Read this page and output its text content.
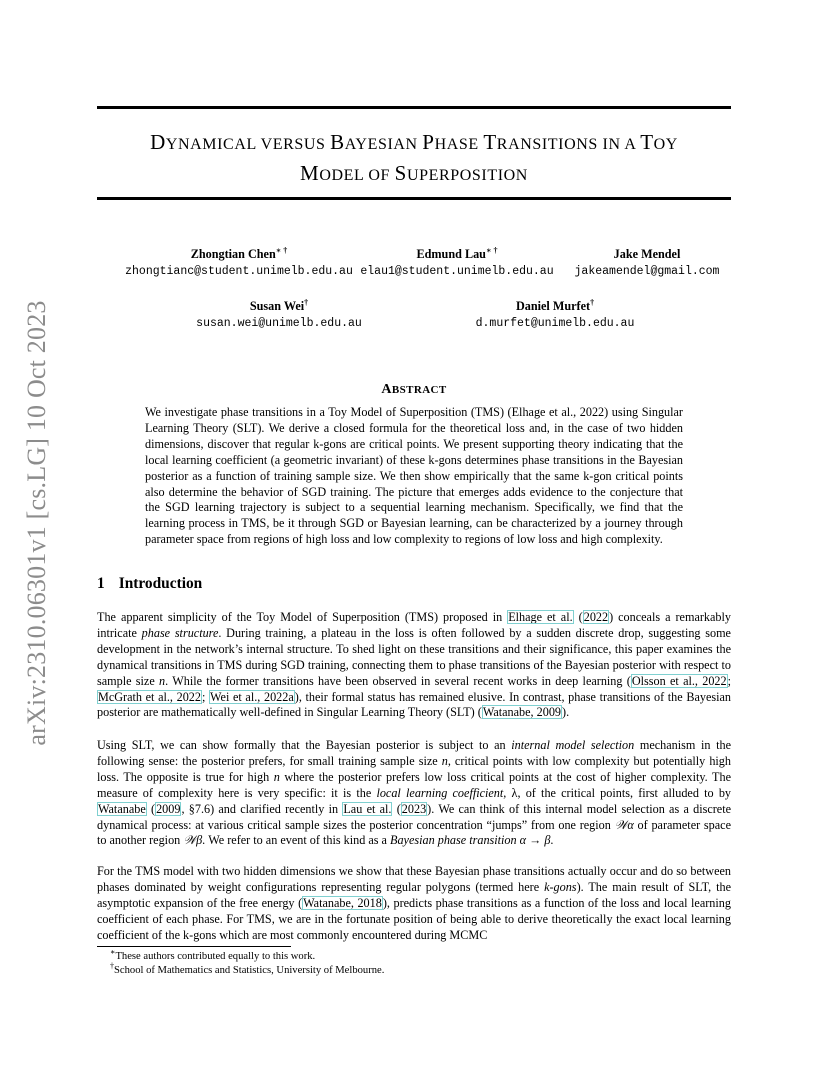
arXiv:2310.06301v1 [cs.LG] 10 Oct 2023
DYNAMICAL VERSUS BAYESIAN PHASE TRANSITIONS IN A TOY
MODEL OF SUPERPOSITION
Zhongtian Chen∗ †
zhongtianc@student.unimelb.edu.au
Edmund Lau∗ †
elau1@student.unimelb.edu.au
Jake Mendel
jakeamendel@gmail.com
Susan Wei†
susan.wei@unimelb.edu.au
Daniel Murfet†
d.murfet@unimelb.edu.au
ABSTRACT
We investigate phase transitions in a Toy Model of Superposition (TMS) (Elhage et al., 2022) using Singular Learning Theory (SLT). We derive a closed formula for the theoretical loss and, in the case of two hidden dimensions, discover that regular k-gons are critical points. We present supporting theory indicating that the local learning coefficient (a geometric invariant) of these k-gons determines phase transitions in the Bayesian posterior as a function of training sample size. We then show empirically that the same k-gon critical points also determine the behavior of SGD training. The picture that emerges adds evidence to the conjecture that the SGD learning trajectory is subject to a sequential learning mechanism. Specifically, we find that the learning process in TMS, be it through SGD or Bayesian learning, can be characterized by a journey through parameter space from regions of high loss and low complexity to regions of low loss and high complexity.
1 Introduction

The apparent simplicity of the Toy Model of Superposition (TMS) proposed in Elhage et al. (2022) conceals a remarkably intricate phase structure. During training, a plateau in the loss is often followed by a sudden discrete drop, suggesting some development in the network’s internal structure. To shed light on these transitions and their significance, this paper examines the dynamical transitions in TMS during SGD training, connecting them to phase transitions of the Bayesian posterior with respect to sample size n. While the former transitions have been observed in several recent works in deep learning (Olsson et al., 2022; McGrath et al., 2022; Wei et al., 2022a), their formal status has remained elusive. In contrast, phase transitions of the Bayesian posterior are mathematically well-defined in Singular Learning Theory (SLT) (Watanabe, 2009).

Using SLT, we can show formally that the Bayesian posterior is subject to an internal model selection mechanism in the following sense: the posterior prefers, for small training sample size n, critical points with low complexity but potentially high loss. The opposite is true for high n where the posterior prefers low loss critical points at the cost of higher complexity. The measure of complexity here is very specific: it is the local learning coefficient, λ, of the critical points, first alluded to by Watanabe (2009, §7.6) and clarified recently in Lau et al. (2023). We can think of this internal model selection as a discrete dynamical process: at various critical sample sizes the posterior concentration “jumps” from one region 𝒲α of parameter space to another region 𝒲β. We refer to an event of this kind as a Bayesian phase transition α → β.

For the TMS model with two hidden dimensions we show that these Bayesian phase transitions actually occur and do so between phases dominated by weight configurations representing regular polygons (termed here k-gons). The main result of SLT, the asymptotic expansion of the free energy (Watanabe, 2018), predicts phase transitions as a function of the loss and local learning coefficient of each phase. For TMS, we are in the fortunate position of being able to derive theoretically the exact local learning coefficient of the k-gons which are most commonly encountered during MCMC

∗These authors contributed equally to this work.
†School of Mathematics and Statistics, University of Melbourne.
